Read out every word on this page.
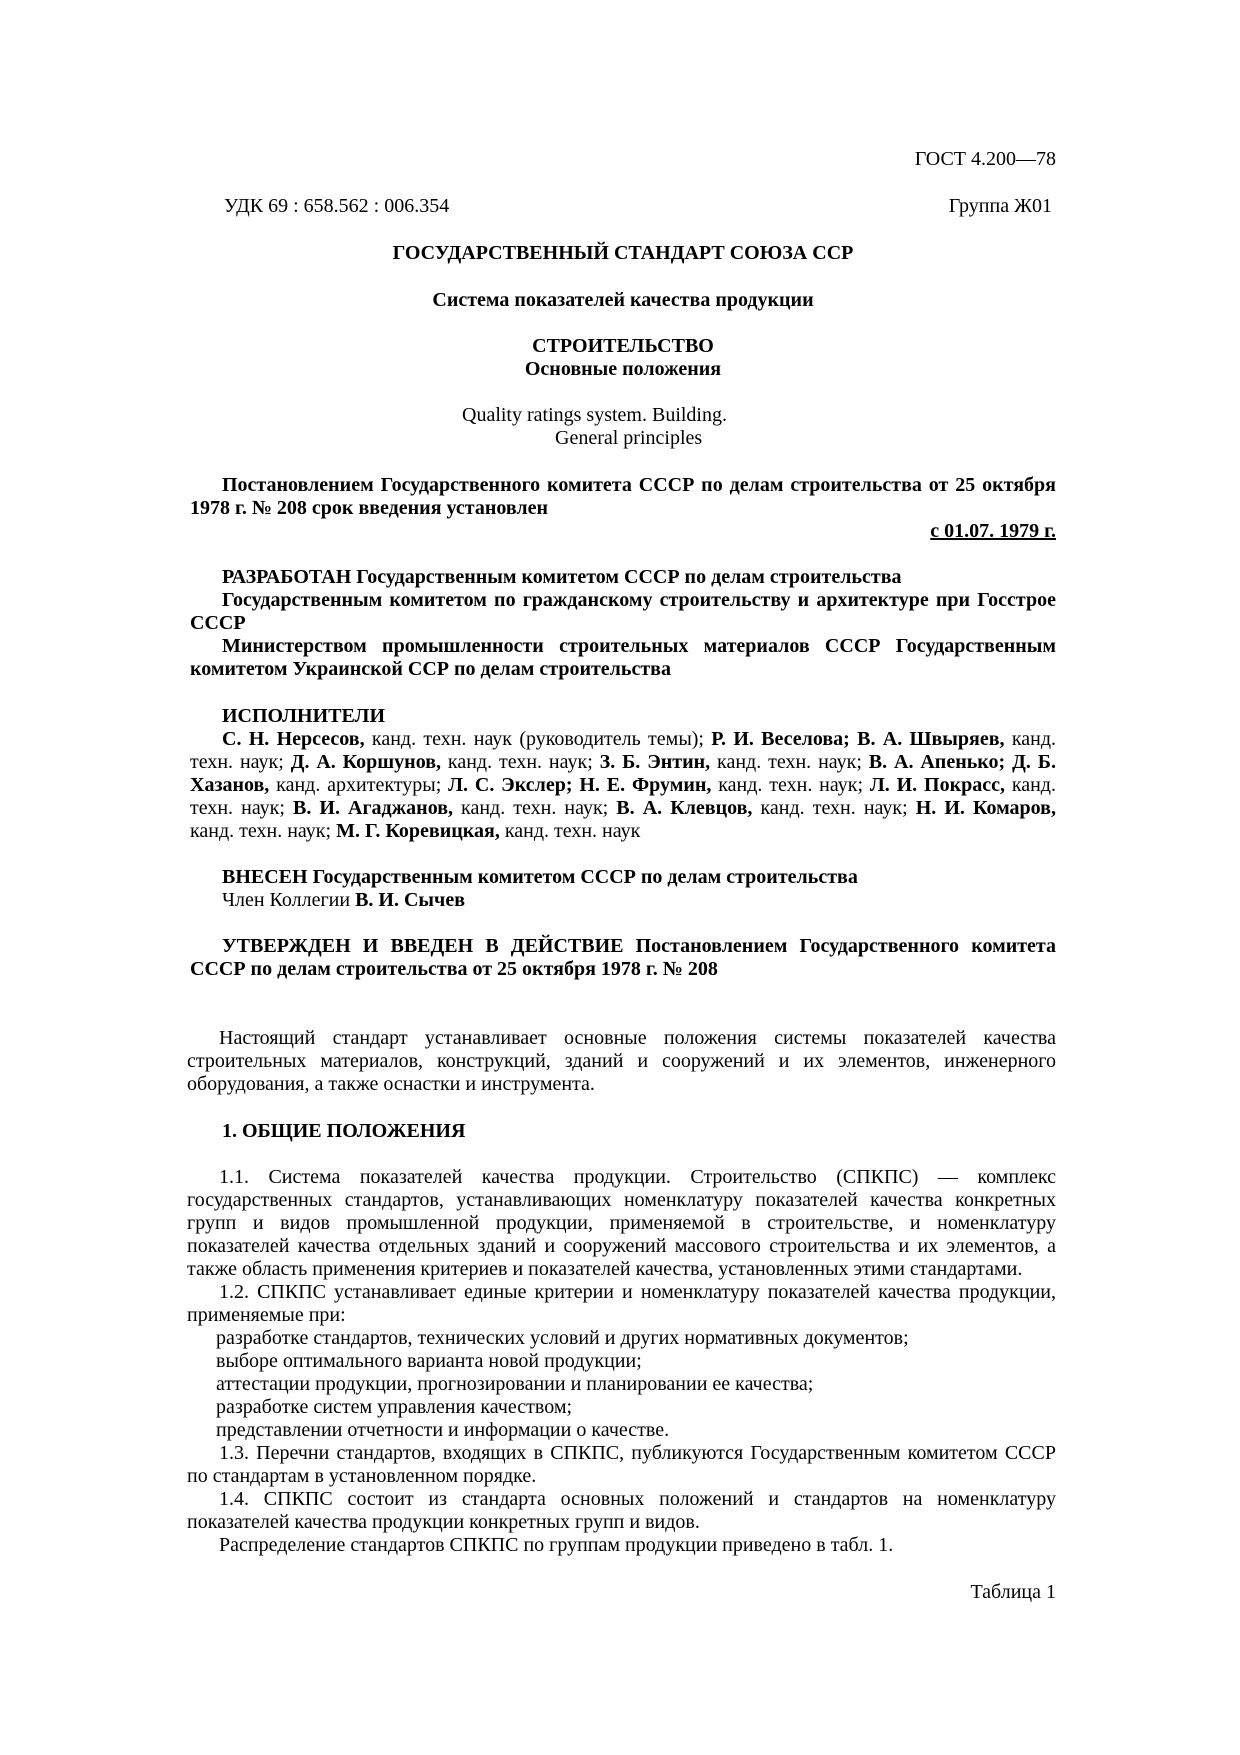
ГОСТ 4.200—78
УДК 69 : 658.562 : 006.354	Группа Ж01
ГОСУДАРСТВЕННЫЙ СТАНДАРТ СОЮЗА ССР
Система показателей качества продукции
СТРОИТЕЛЬСТВО
Основные положения
Quality ratings system. Building.
General principles

Постановлением Государственного комитета СССР по делам строительства от 25 октября 1978 г. № 208 срок введения установлен

с 01.07. 1979 г.

РАЗРАБОТАН Государственным комитетом СССР по делам строительства

Государственным комитетом по гражданскому строительству и архитектуре при Госстрое СССР

Министерством промышленности строительных материалов СССР Государственным комитетом Украинской ССР по делам строительства

ИСПОЛНИТЕЛИ

С. Н. Нерсесов, канд. техн. наук (руководитель темы); Р. И. Веселова; В. А. Швыряев, канд. техн. наук; Д. А. Коршунов, канд. техн. наук; З. Б. Энтин, канд. техн. наук; В. А. Апенько; Д. Б. Хазанов, канд. архитектуры; Л. С. Экслер; Н. Е. Фрумин, канд. техн. наук; Л. И. Покрасс, канд. техн. наук; В. И. Агаджанов, канд. техн. наук; В. А. Клевцов, канд. техн. наук; Н. И. Комаров, канд. техн. наук; М. Г. Коревицкая, канд. техн. наук

ВНЕСЕН Государственным комитетом СССР по делам строительства

Член Коллегии В. И. Сычев

УТВЕРЖДЕН И ВВЕДЕН В ДЕЙСТВИЕ Постановлением Государственного комитета СССР по делам строительства от 25 октября 1978 г. № 208

Настоящий стандарт устанавливает основные положения системы показателей качества строительных материалов, конструкций, зданий и сооружений и их элементов, инженерного оборудования, а также оснастки и инструмента.

1. ОБЩИЕ ПОЛОЖЕНИЯ

1.1. Система показателей качества продукции. Строительство (СПКПС) — комплекс государственных стандартов, устанавливающих номенклатуру показателей качества конкретных групп и видов промышленной продукции, применяемой в строительстве, и номенклатуру показателей качества отдельных зданий и сооружений массового строительства и их элементов, а также область применения критериев и показателей качества, установленных этими стандартами.

1.2. СПКПС устанавливает единые критерии и номенклатуру показателей качества продукции, применяемые при:

разработке стандартов, технических условий и других нормативных документов;

выборе оптимального варианта новой продукции;

аттестации продукции, прогнозировании и планировании ее качества;

разработке систем управления качеством;

представлении отчетности и информации о качестве.

1.3. Перечни стандартов, входящих в СПКПС, публикуются Государственным комитетом СССР по стандартам в установленном порядке.

1.4. СПКПС состоит из стандарта основных положений и стандартов на номенклатуру показателей качества продукции конкретных групп и видов.

Распределение стандартов СПКПС по группам продукции приведено в табл. 1.

Таблица 1
